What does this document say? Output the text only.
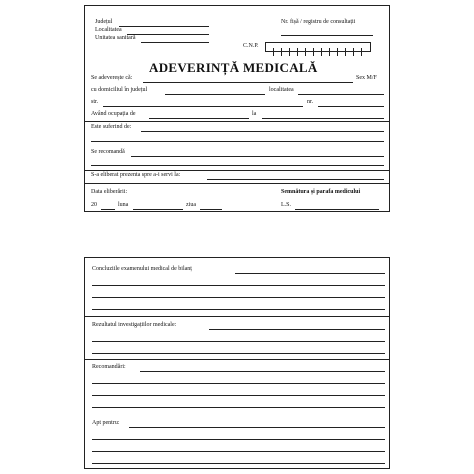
Județul
Localitatea
Unitatea sanitară
Nr. fișă / registru de consultații
C.N.P.
ADEVERINȚĂ MEDICALĂ
Se adeverește că:	Sex M/F
cu domiciliul în județul	localitatea
str.	nr.
Având ocupația de	la
Este suferind de:
Se recomandă
S-a eliberat prezenta spre a-i servi la:
Data eliberării:
20	luna	ziua
Semnătura și parafa medicului
L.S.
Concluziile examenului medical de bilanț
Rezultatul investigațiilor medicale:
Recomandări:
Apt pentru:
